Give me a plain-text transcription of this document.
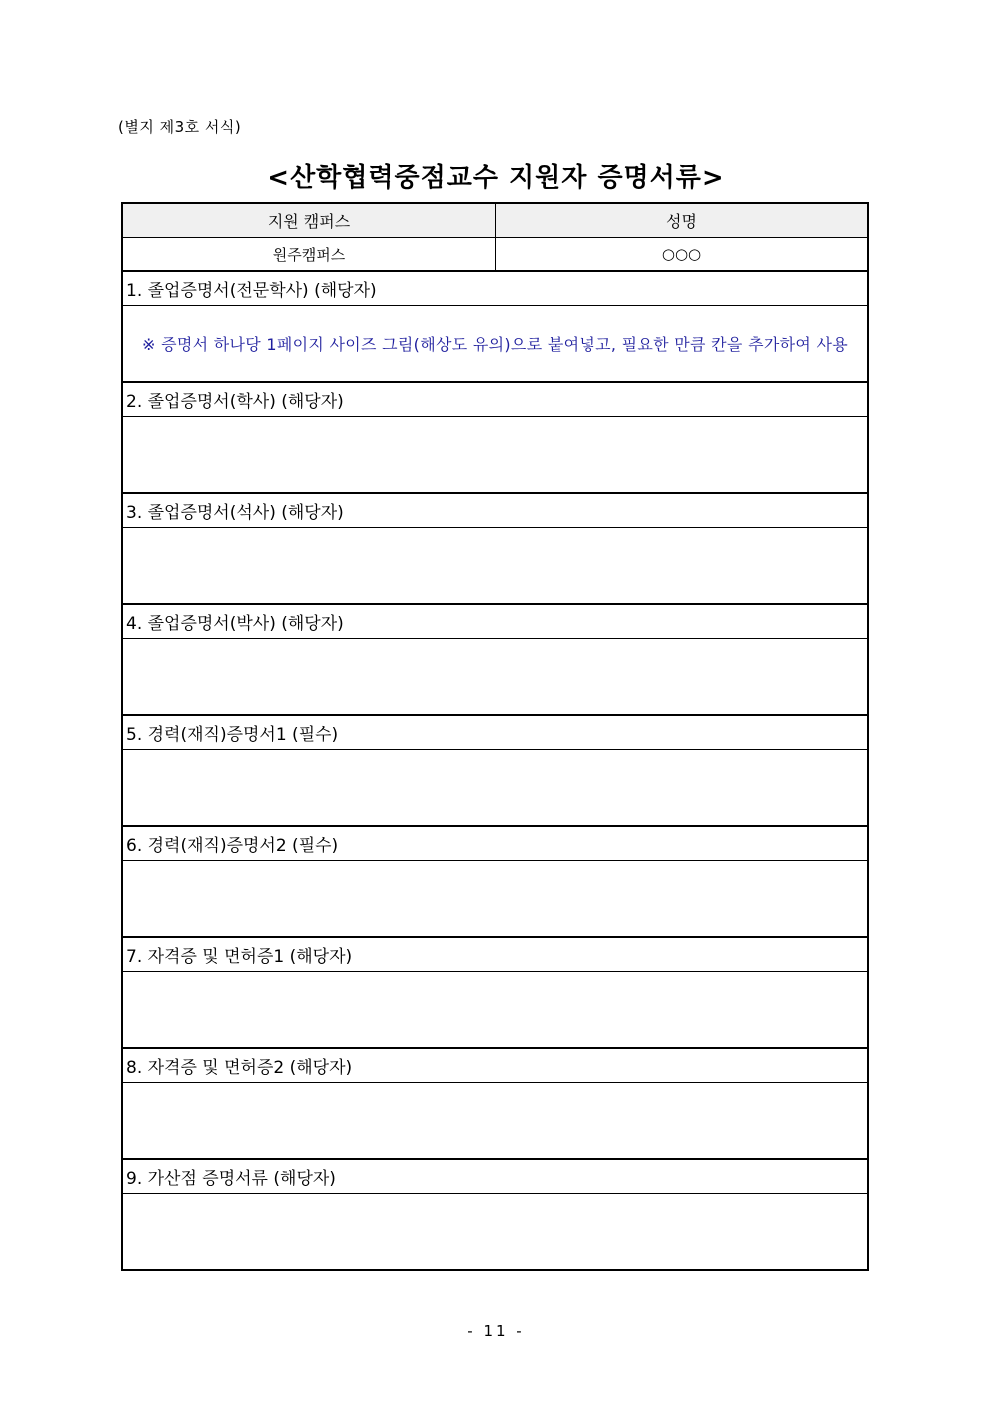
(별지 제3호 서식)
<산학협력중점교수 지원자 증명서류>
지원 캠퍼스	성명
원주캠퍼스	○○○
1. 졸업증명서(전문학사) (해당자)
※ 증명서 하나당 1페이지 사이즈 그림(해상도 유의)으로 붙여넣고, 필요한 만큼 칸을 추가하여 사용
2. 졸업증명서(학사) (해당자)
3. 졸업증명서(석사) (해당자)
4. 졸업증명서(박사) (해당자)
5. 경력(재직)증명서1 (필수)
6. 경력(재직)증명서2 (필수)
7. 자격증 및 면허증1 (해당자)
8. 자격증 및 면허증2 (해당자)
9. 가산점 증명서류 (해당자)
- 11 -
